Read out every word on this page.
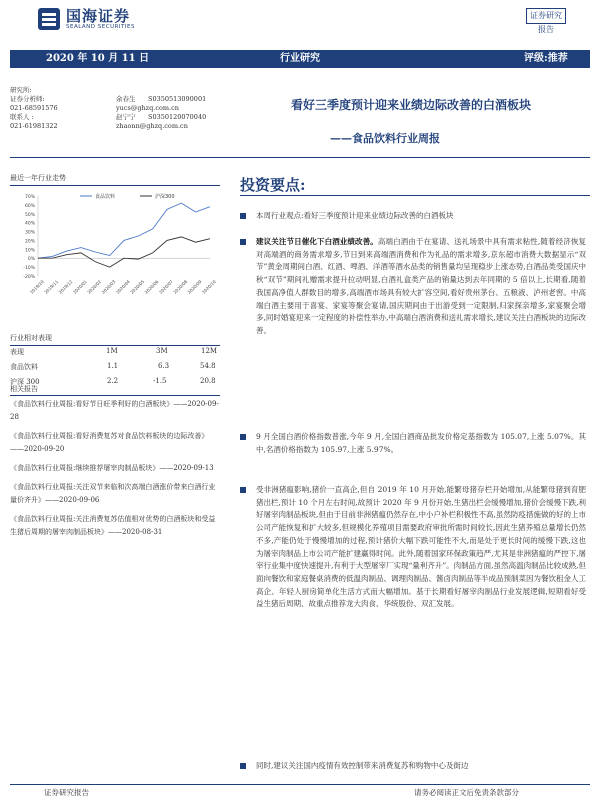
国海证券
SEALAND SECURITIES
证券研究报告
2020 年 10 月 11 日	行业研究	评级:推荐
研究所:
证券分析师:
021-68591576
联系人 :
021-61981322
余春生 S0350513090001
yucs@ghzq.com.cn
赵宁宁 S0350120070040
zhaonn@ghzq.com.cn
看好三季度预计迎来业绩边际改善的白酒板块
——食品饮料行业周报
最近一年行业走势
70%
60%
50%
40%
30%
20%
10%
0%
-10%
-20%
2019/10
2019/11
2019/12
2020/01
2020/02
2020/03
2020/04
2020/05
2020/06
2020/07
2020/08
2020/09
2020/10
食品饮料	沪深300
行业相对表现
表现	1M	3M	12M
食品饮料	1.1	6.3	54.8
沪深 300	2.2	-1.5	20.8
相关报告
《食品饮料行业周报:看好节日旺季利好的白酒板块》——2020-09-28
《食品饮料行业周报:看好消费复苏对食品饮料板块的边际改善》——2020-09-20
《食品饮料行业周报:继续推荐屠宰肉制品板块》——2020-09-13
《食品饮料行业周报:关注双节来临和次高端白酒涨价带来白酒行业量价齐升》——2020-09-06
《食品饮料行业周报:关注消费复苏估值相对优势的白酒板块和受益生猪后周期的屠宰肉制品板块》——2020-08-31
投资要点:
本周行业观点:看好三季度预计迎来业绩边际改善的白酒板块
建议关注节日催化下白酒业绩改善。高端白酒由于在宴请、送礼场景中具有需求粘性,随着经济恢复对高端酒的商务需求增多,节日到来高端酒消费和作为礼品的需求增多,京东超市消费大数据显示“双节”黄金周期间白酒、红酒、啤酒、洋酒等酒水品类的销售量均呈现稳步上涨态势,白酒品类受国庆中秋“双节”期间礼赠需求提升拉动明显,白酒礼盒类产品的销量达到去年同期的 5 倍以上,长期看,随着我国高净值人群数目的增多,高端酒市场具有较大扩容空间,看好贵州茅台、五粮液、泸州老窖。中高端白酒主要用于喜宴、家宴等聚会宴请,国庆期间由于出游受到一定限制,归家探亲增多,家宴聚会增多,同时婚宴迎来一定程度的补偿性举办,中高端白酒消费和送礼需求增长,建议关注白酒板块的边际改善。
9 月全国白酒价格指数普涨,今年 9 月,全国白酒商品批发价格定基指数为 105.07,上涨 5.07%。其中,名酒价格指数为 105.97,上涨 5.97%。
受非洲猪瘟影响,猪价一直高企,但自 2019 年 10 月开始,能繁母猪存栏开始增加,从能繁母猪到育肥猪出栏,预计 10 个月左右时间,故预计 2020 年 9 月份开始,生猪出栏会缓慢增加,猪价会缓慢下跌,利好屠宰肉制品板块,但由于目前非洲猪瘟仍然存在,中小户补栏积极性不高,虽然防疫措施做的好的上市公司产能恢复和扩大较多,但规模化养殖项目需要政府审批所需时间较长,因此生猪养殖总量增长仍然不多,产能仍处于慢慢增加的过程,预计猪价大幅下跌可能性不大,而是处于更长时间的缓慢下跌,这也为屠宰肉制品上市公司产能扩建赢得时间。此外,随着国家环保政策趋严,尤其是非洲猪瘟的严控下,屠宰行业集中度快速提升,有利于大型屠宰厂实现“量利齐升”。肉制品方面,虽然高温肉制品比较成熟,但面向餐饮和家庭餐桌消费的低温肉制品、调理肉制品、酱卤肉制品等半成品预制菜因为餐饮租金人工高企、年轻人厨房简单化生活方式而大幅增加。基于长期看好屠宰肉制品行业发展逻辑,短期看好受益生猪后周期、故重点推荐龙大肉食、华统股份、双汇发展。
同时,建议关注国内疫情有效控制带来消费复苏和购物中心及街边
证券研究报告	请务必阅读正文后免责条款部分
